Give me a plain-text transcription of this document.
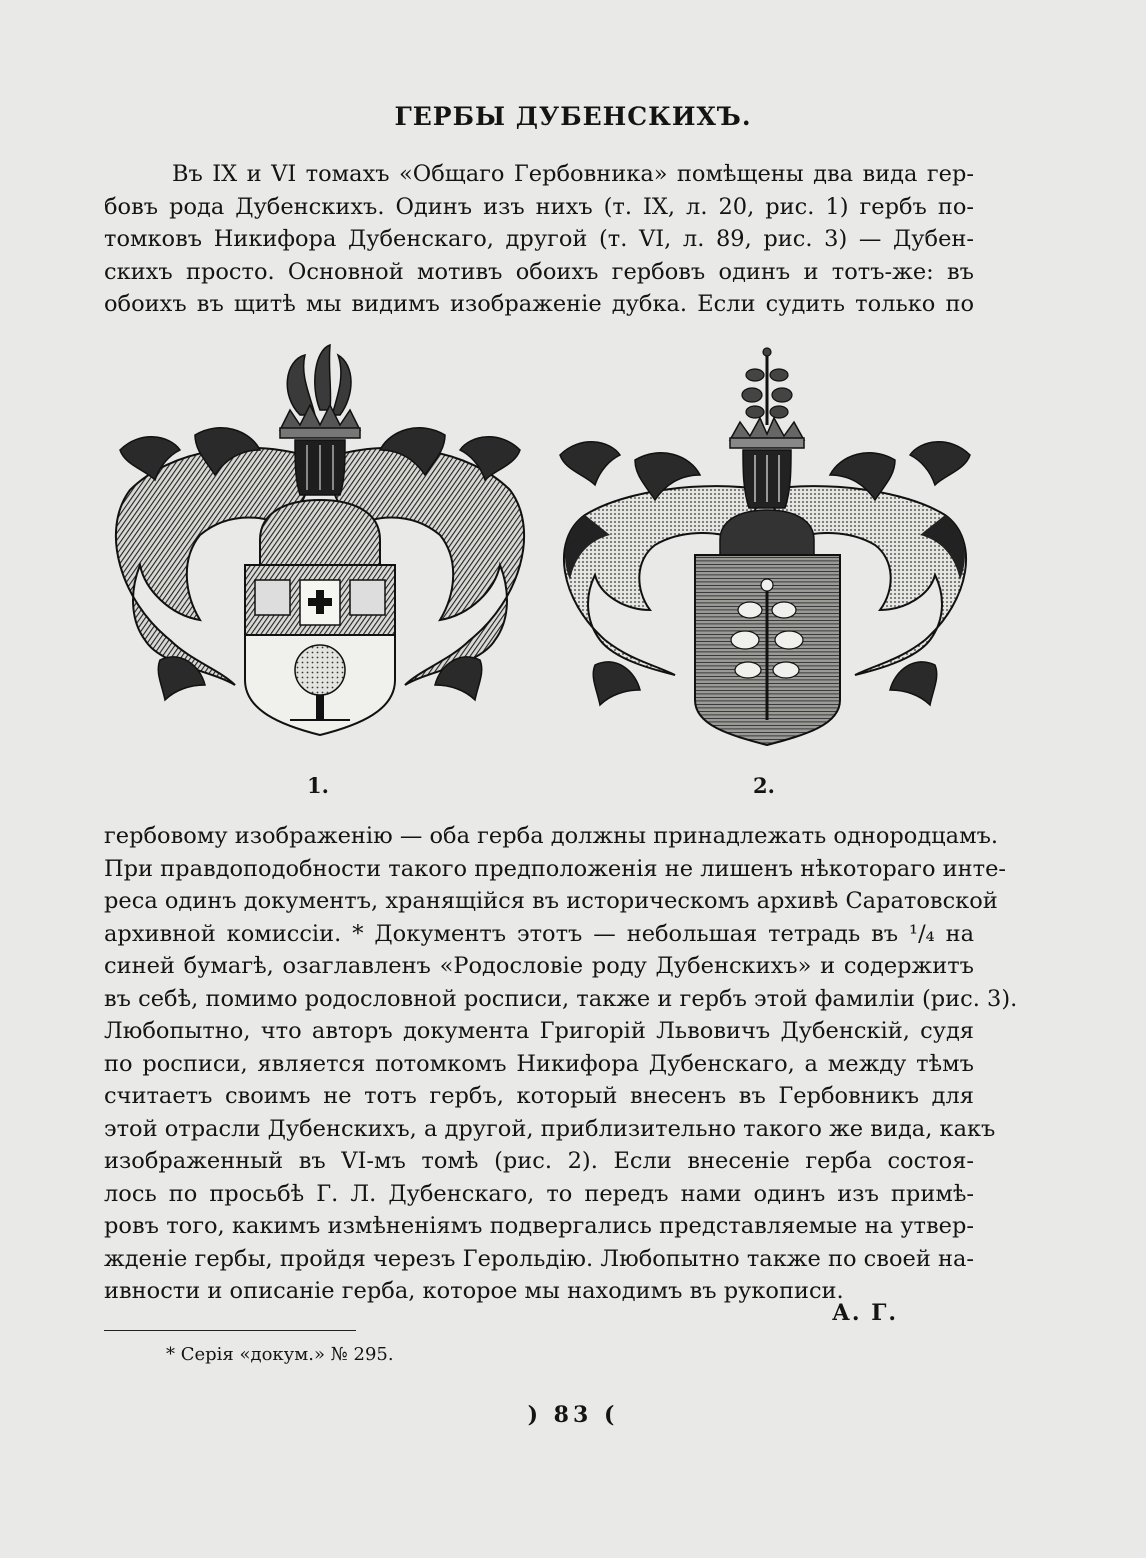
ГЕРБЫ ДУБЕНСКИХЪ.
Въ IX и VI томахъ «Общаго Гербовника» помѣщены два вида гер-
бовъ рода Дубенскихъ. Одинъ изъ нихъ (т. IX, л. 20, рис. 1) гербъ по-
томковъ Никифора Дубенскаго, другой (т. VI, л. 89, рис. 3) — Дубен-
скихъ просто. Основной мотивъ обоихъ гербовъ одинъ и тотъ-же: въ
обоихъ въ щитѣ мы видимъ изображеніе дубка. Если судить только по
1.	2.
гербовому изображенію — оба герба должны принадлежать однородцамъ.
При правдоподобности такого предположенія не лишенъ нѣкотораго инте-
реса одинъ документъ, хранящійся въ историческомъ архивѣ Саратовской
архивной комиссіи. * Документъ этотъ — небольшая тетрадь въ ¹/₄ на
синей бумагѣ, озаглавленъ «Родословіе роду Дубенскихъ» и содержитъ
въ себѣ, помимо родословной росписи, также и гербъ этой фамиліи (рис. 3).
Любопытно, что авторъ документа Григорій Львовичъ Дубенскій, судя
по росписи, является потомкомъ Никифора Дубенскаго, а между тѣмъ
считаетъ своимъ не тотъ гербъ, который внесенъ въ Гербовникъ для
этой отрасли Дубенскихъ, а другой, приблизительно такого же вида, какъ
изображенный въ VI-мъ томѣ (рис. 2). Если внесеніе герба состоя-
лось по просьбѣ Г. Л. Дубенскаго, то передъ нами одинъ изъ примѣ-
ровъ того, какимъ измѣненіямъ подвергались представляемые на утвер-
жденіе гербы, пройдя черезъ Герольдію. Любопытно также по своей на-
ивности и описаніе герба, которое мы находимъ въ рукописи.
А. Г.
* Серія «докум.» № 295.
) 83 (
